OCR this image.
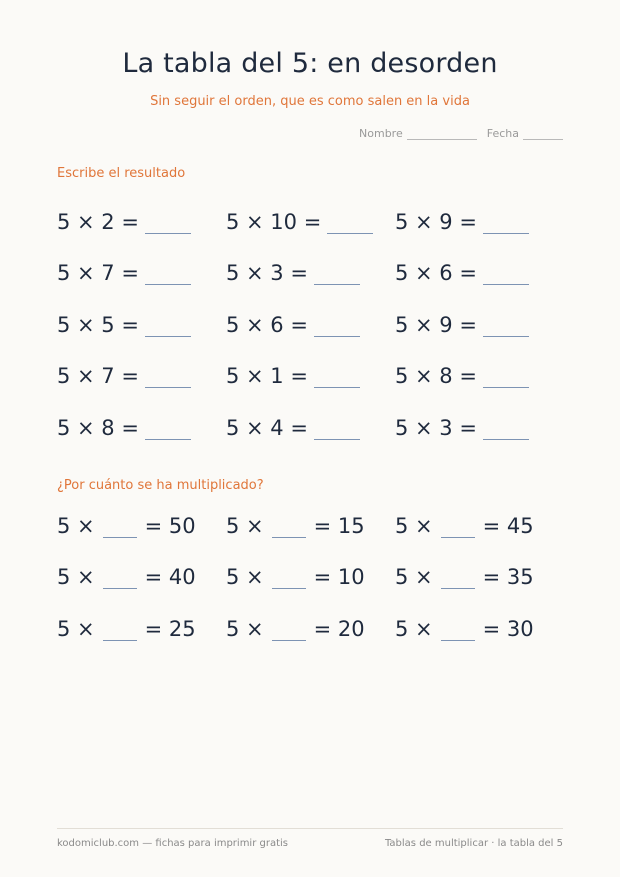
La tabla del 5: en desorden
Sin seguir el orden, que es como salen en la vida
Nombre	Fecha
Escribe el resultado
5 × 2 =	5 × 10 =	5 × 9 =
5 × 7 =	5 × 3 =	5 × 6 =
5 × 5 =	5 × 6 =	5 × 9 =
5 × 7 =	5 × 1 =	5 × 8 =
5 × 8 =	5 × 4 =	5 × 3 =
¿Por cuánto se ha multiplicado?
5 × = 50 5 × = 15 5 × = 45
5 × = 40 5 × = 10 5 × = 35
5 × = 25 5 × = 20 5 × = 30
kodomiclub.com — fichas para imprimir gratis	Tablas de multiplicar · la tabla del 5
